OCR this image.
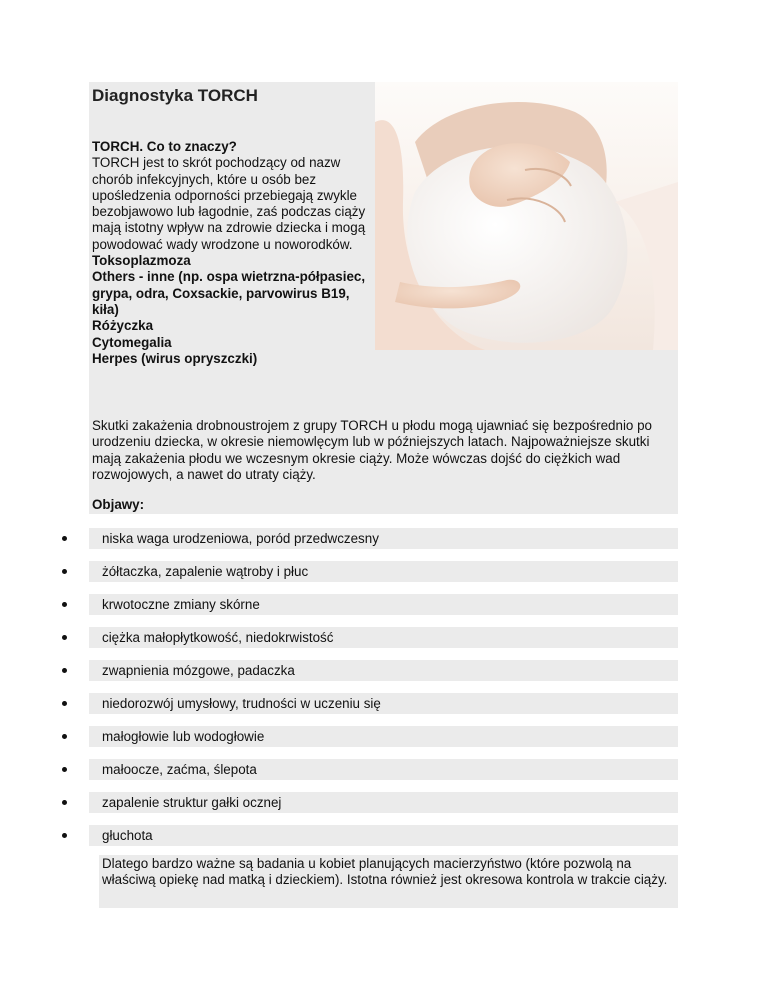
Diagnostyka TORCH
TORCH. Co to znaczy?
TORCH jest to skrót pochodzący od nazw chorób infekcyjnych, które u osób bez upośledzenia odporności przebiegają zwykle bezobjawowo lub łagodnie, zaś podczas ciąży mają istotny wpływ na zdrowie dziecka i mogą powodować wady wrodzone u noworodków.
Toksoplazmoza
Others - inne (np. ospa wietrzna-półpasiec, grypa, odra, Coxsackie, parvowirus B19, kiła)
Różyczka
Cytomegalia
Herpes (wirus opryszczki)
Skutki zakażenia drobnoustrojem z grupy TORCH u płodu mogą ujawniać się bezpośrednio po urodzeniu dziecka, w okresie niemowlęcym lub w późniejszych latach. Najpoważniejsze skutki mają zakażenia płodu we wczesnym okresie ciąży. Może wówczas dojść do ciężkich wad rozwojowych, a nawet do utraty ciąży.
Objawy:
niska waga urodzeniowa, poród przedwczesny
żółtaczka, zapalenie wątroby i płuc
krwotoczne zmiany skórne
ciężka małopłytkowość, niedokrwistość
zwapnienia mózgowe, padaczka
niedorozwój umysłowy, trudności w uczeniu się
małogłowie lub wodogłowie
małoocze, zaćma, ślepota
zapalenie struktur gałki ocznej
głuchota
Dlatego bardzo ważne są badania u kobiet planujących macierzyństwo (które pozwolą na właściwą opiekę nad matką i dzieckiem). Istotna również jest okresowa kontrola w trakcie ciąży.
